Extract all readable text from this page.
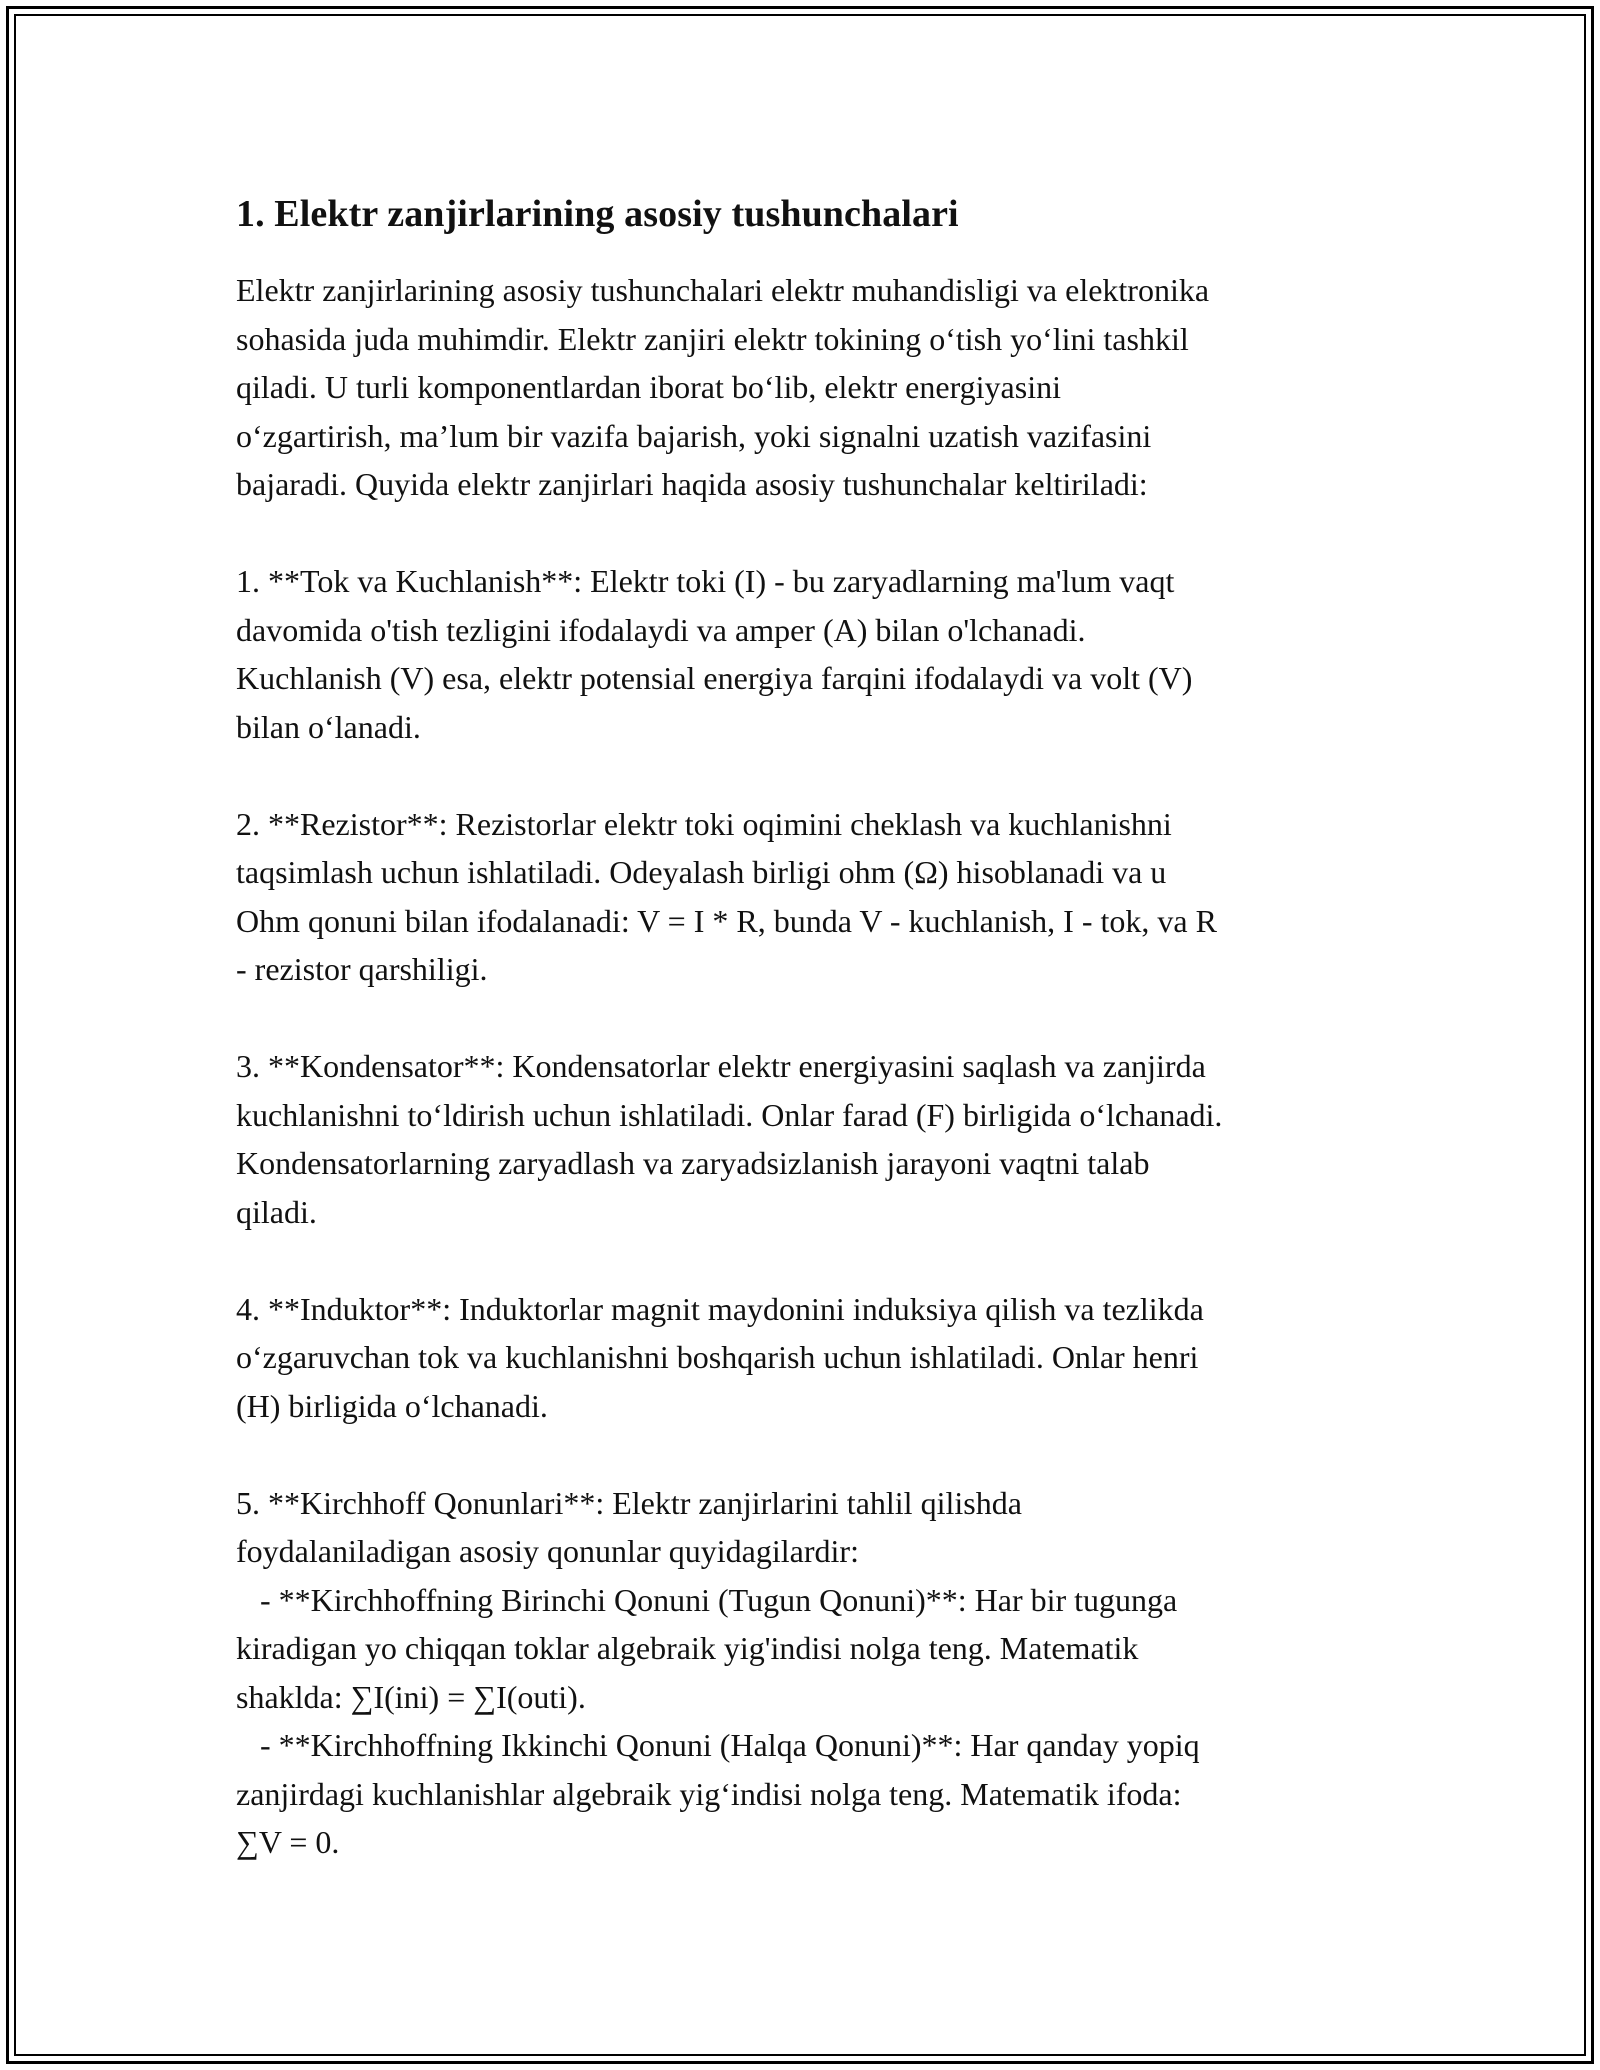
1. Elektr zanjirlarining asosiy tushunchalari

Elektr zanjirlarining asosiy tushunchalari elektr muhandisligi va elektronika
sohasida juda muhimdir. Elektr zanjiri elektr tokining o‘tish yo‘lini tashkil
qiladi. U turli komponentlardan iborat bo‘lib, elektr energiyasini
o‘zgartirish, ma’lum bir vazifa bajarish, yoki signalni uzatish vazifasini
bajaradi. Quyida elektr zanjirlari haqida asosiy tushunchalar keltiriladi:

1. **Tok va Kuchlanish**: Elektr toki (I) - bu zaryadlarning ma'lum vaqt
davomida o'tish tezligini ifodalaydi va amper (A) bilan o'lchanadi.
Kuchlanish (V) esa, elektr potensial energiya farqini ifodalaydi va volt (V)
bilan o‘lanadi.

2. **Rezistor**: Rezistorlar elektr toki oqimini cheklash va kuchlanishni
taqsimlash uchun ishlatiladi. Odeyalash birligi ohm (Ω) hisoblanadi va u
Ohm qonuni bilan ifodalanadi: V = I * R, bunda V - kuchlanish, I - tok, va R
- rezistor qarshiligi.

3. **Kondensator**: Kondensatorlar elektr energiyasini saqlash va zanjirda
kuchlanishni to‘ldirish uchun ishlatiladi. Onlar farad (F) birligida o‘lchanadi.
Kondensatorlarning zaryadlash va zaryadsizlanish jarayoni vaqtni talab
qiladi.

4. **Induktor**: Induktorlar magnit maydonini induksiya qilish va tezlikda
o‘zgaruvchan tok va kuchlanishni boshqarish uchun ishlatiladi. Onlar henri
(H) birligida o‘lchanadi.

5. **Kirchhoff Qonunlari**: Elektr zanjirlarini tahlil qilishda
foydalaniladigan asosiy qonunlar quyidagilardir:
- **Kirchhoffning Birinchi Qonuni (Tugun Qonuni)**: Har bir tugunga
kiradigan yo chiqqan toklar algebraik yig'indisi nolga teng. Matematik
shaklda: ∑I(ini) = ∑I(outi).
- **Kirchhoffning Ikkinchi Qonuni (Halqa Qonuni)**: Har qanday yopiq
zanjirdagi kuchlanishlar algebraik yig‘indisi nolga teng. Matematik ifoda:
∑V = 0.
